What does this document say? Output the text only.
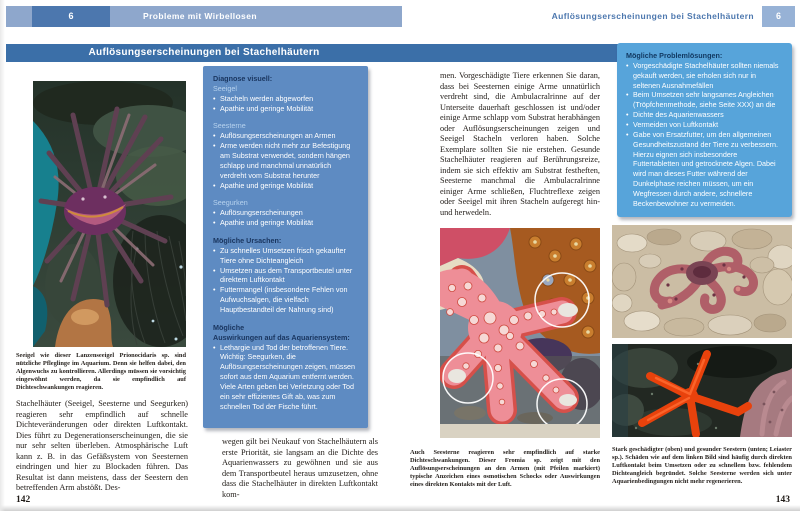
6	Probleme mit Wirbellosen	Auflösungserscheinungen bei Stachelhäutern	6
Auflösungserscheinungen bei Stachelhäutern
Seeigel wie dieser Lanzenseeigel Prionocidaris sp. sind nützliche Pfleglinge im Aquarium. Denn sie helfen dabei, den Algenwuchs zu kontrollieren. Allerdings müssen sie vorsichtig eingewöhnt werden, da sie empfindlich auf Dichteschwankungen reagieren.
Stachelhäuter (Seeigel, Seesterne und Seegurken) reagieren sehr empfindlich auf schnelle Dichteveränderungen oder direkten Luftkontakt. Dies führt zu Degenerationserscheinungen, die sie nur sehr selten überleben. Atmosphärische Luft kann z. B. in das Gefäßsystem von Seesternen eindringen und hier zu Blockaden führen. Das Resultat ist dann meistens, dass der Seestern den betreffenden Arm abstößt. Des-
142
Diagnose visuell:
Seeigel
• Stacheln werden abgeworfen
• Apathie und geringe Mobilität
Seesterne
• Auflösungserscheinungen an Armen
• Arme werden nicht mehr zur Befestigung am Substrat verwendet, sondern hängen schlapp und manchmal unnatürlich verdreht vom Substrat herunter
• Apathie und geringe Mobilität
Seegurken
• Auflösungserscheinungen
• Apathie und geringe Mobilität
Mögliche Ursachen:
• Zu schnelles Umsetzen frisch gekaufter Tiere ohne Dichteangleich
• Umsetzen aus dem Transportbeutel unter direktem Luftkontakt
• Futtermangel (insbesondere Fehlen von Aufwuchsalgen, die vielfach Hauptbestandteil der Nahrung sind)
Mögliche
Auswirkungen auf das Aquariensystem:
• Lethargie und Tod der betroffenen Tiere. Wichtig: Seegurken, die Auflösungserscheinungen zeigen, müssen sofort aus dem Aquarium entfernt werden. Viele Arten geben bei Verletzung oder Tod ein sehr effizientes Gift ab, was zum schnellen Tod der Fische führt.
wegen gilt bei Neukauf von Stachelhäutern als erste Priorität, sie langsam an die Dichte des Aquarienwassers zu gewöhnen und sie aus dem Transportbeutel heraus umzusetzen, ohne dass die Stachelhäuter in direkten Luftkontakt kom-
men. Vorgeschädigte Tiere erkennen Sie daran, dass bei Seesternen einige Arme unnatürlich verdreht sind, die Ambulacralrinne auf der Unterseite dauerhaft geschlossen ist und/oder einige Arme schlapp vom Substrat herabhängen oder Auflösungserscheinungen zeigen und Seeigel Stacheln verloren haben. Solche Exemplare sollten Sie nie erstehen. Gesunde Stachelhäuter reagieren auf Berührungsreize, indem sie sich effektiv am Substrat festheften, Seesterne manchmal die Ambulacralrinne einiger Arme schließen, Fluchtreflexe zeigen oder Seeigel mit ihren Stacheln aufgeregt hin- und herwedeln.
Auch Seesterne reagieren sehr empfindlich auf starke Dichteschwankungen. Dieser Fromia sp. zeigt mit den Auflösungserscheinungen an den Armen (mit Pfeilen markiert) typische Anzeichen eines osmotischen Schocks oder Auswirkungen eines direkten Kontakts mit der Luft.
Mögliche Problemlösungen:
• Vorgeschädigte Stachelhäuter sollten niemals gekauft werden, sie erholen sich nur in seltenen Ausnahmefällen
• Beim Umsetzen sehr langsames Angleichen (Tröpfchenmethode, siehe Seite XXX) an die
• Dichte des Aquarienwassers
• Vermeiden von Luftkontakt
• Gabe von Ersatzfutter, um den allgemeinen Gesundheitszustand der Tiere zu verbessern. Hierzu eignen sich insbesondere Futtertabletten und getrocknete Algen. Dabei wird man dieses Futter während der Dunkelphase reichen müssen, um ein Wegfressen durch andere, schnellere Beckenbewohner zu vermeiden.
Stark geschädigter (oben) und gesunder Seestern (unten; Leiaster sp.). Schäden wie auf dem linken Bild sind häufig durch direkten Luftkontakt beim Umsetzen oder zu schnellem bzw. fehlendem Dichteangleich begründet. Solche Seesterne werden sich unter Aquarienbedingungen nicht mehr regenerieren.
143
